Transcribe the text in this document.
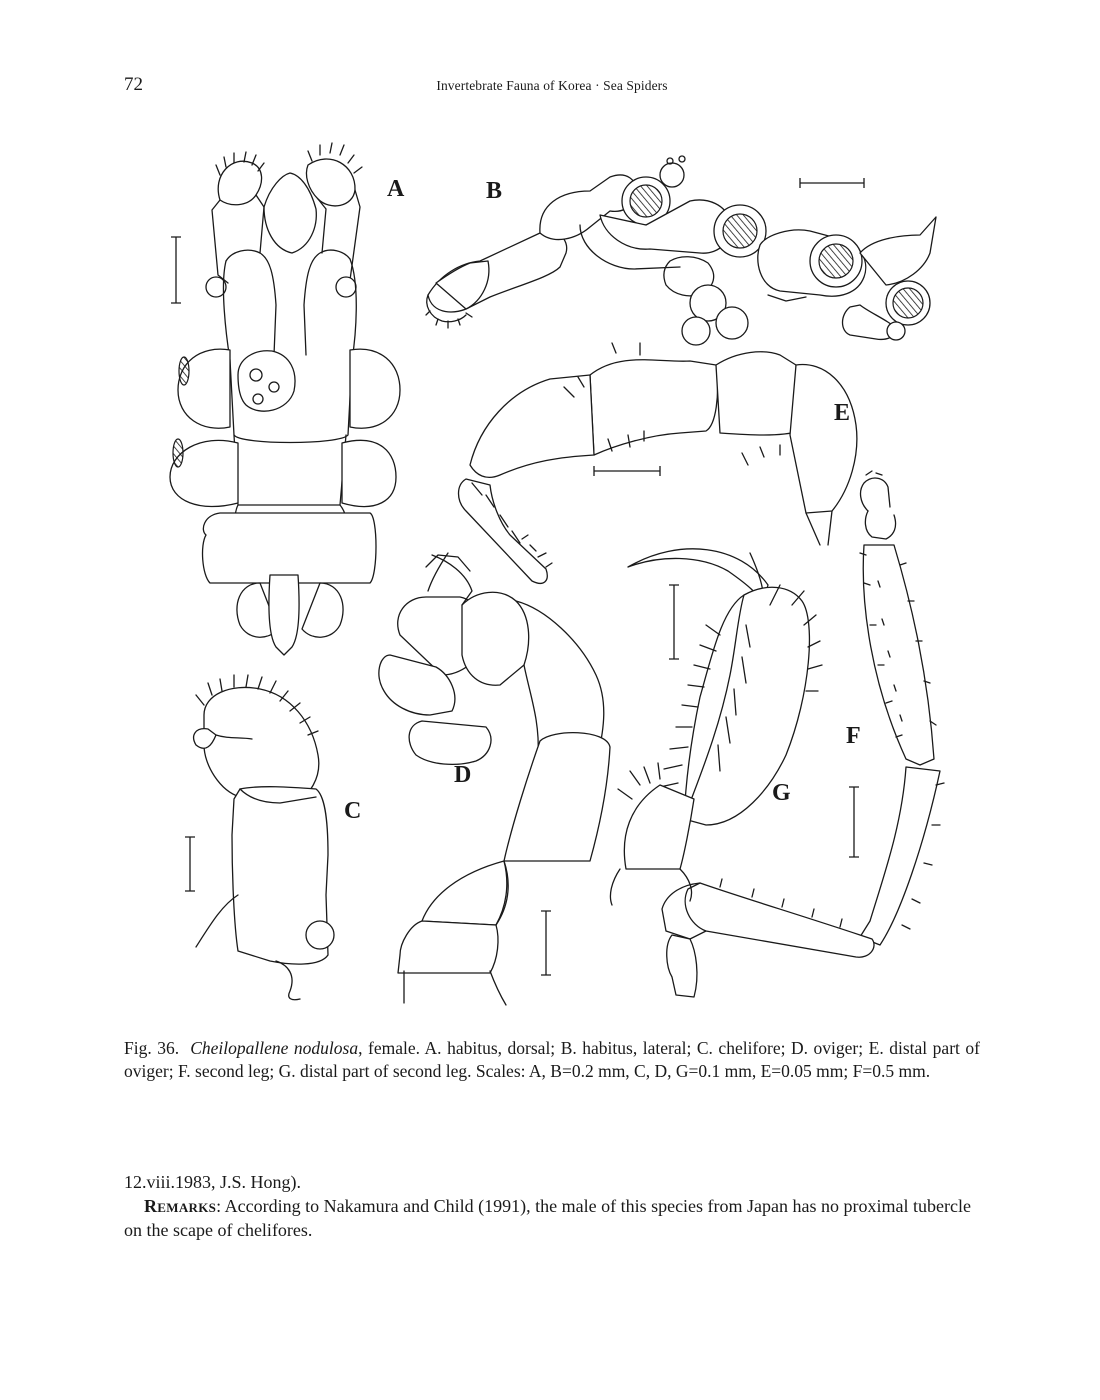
72	Invertebrate Fauna of Korea · Sea Spiders
A	B
C
D
E
F
G
Fig. 36. Cheilopallene nodulosa, female. A. habitus, dorsal; B. habitus, lateral; C. chelifore; D. oviger; E. distal part of oviger; F. second leg; G. distal part of second leg. Scales: A, B=0.2 mm, C, D, G=0.1 mm, E=0.05 mm; F=0.5 mm.

12.viii.1983, J.S. Hong).

Remarks: According to Nakamura and Child (1991), the male of this species from Japan has no proximal tubercle on the scape of chelifores.
